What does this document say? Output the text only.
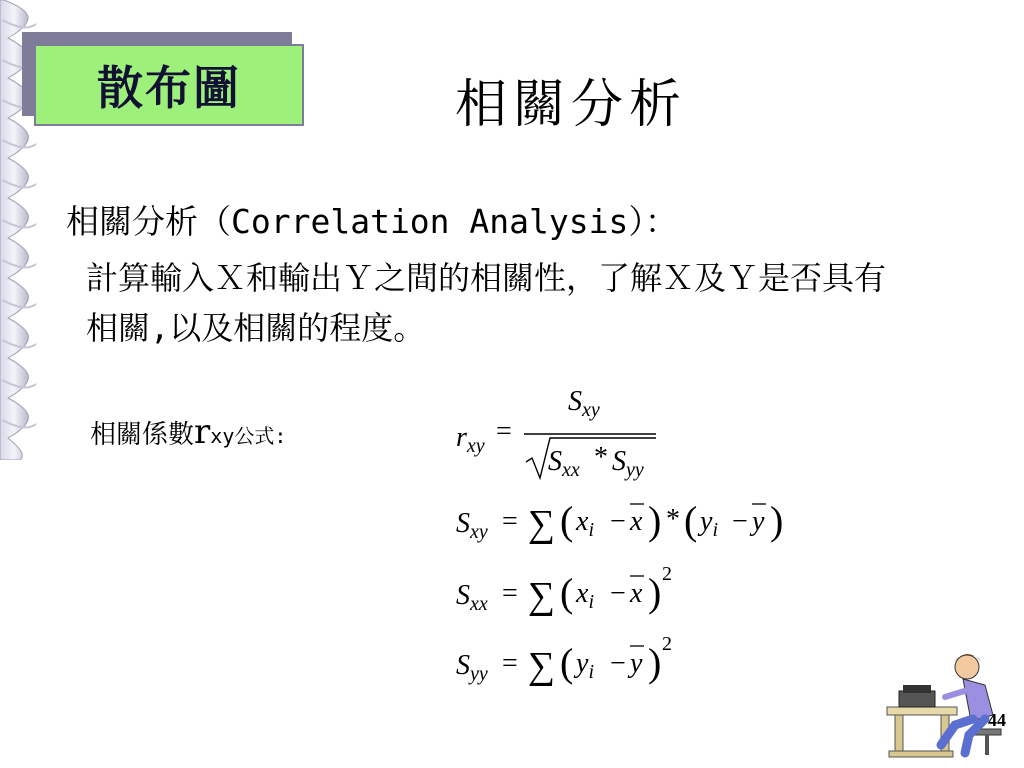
散布圖	相關分析
相關分析（Correlation Analysis）：
計算輸入Ｘ和輸出Ｙ之間的相關性，了解Ｘ及Ｙ是否具有相關,以及相關的程度。
相關係數rxy公式:	$r_{xy}$ =
$S_{xy}$
$S_{xx} * S_{yy}$
$S_{xy}$ = ∑ ( $x_i - x$ ) * ( $y_i - y$ )
$S_{xx}$ = ∑ ( $x_i - x$ ) 2
$S_{yy}$ = ∑ ( $y_i - y$ ) 2
44
